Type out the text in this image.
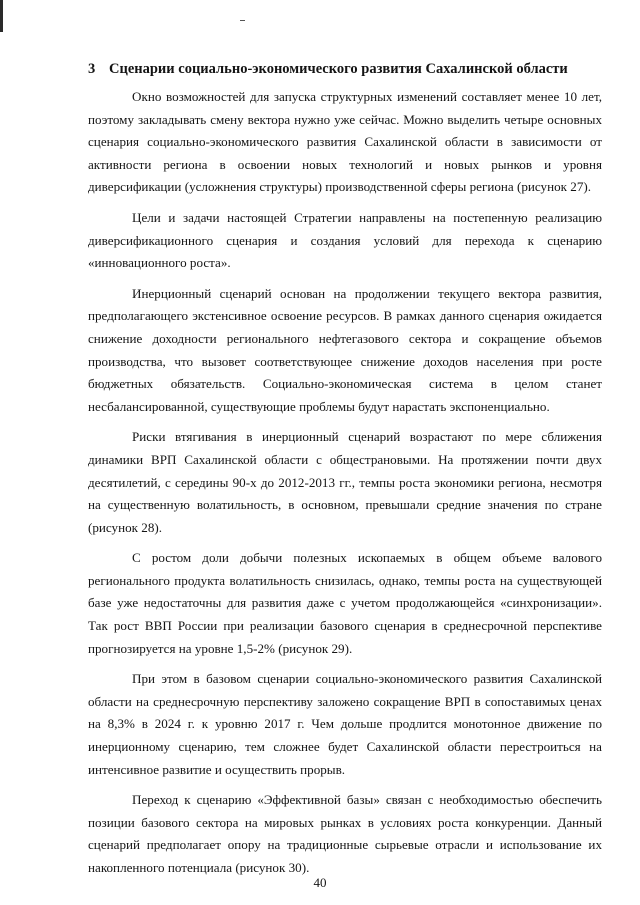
3 Сценарии социально-экономического развития Сахалинской области

Окно возможностей для запуска структурных изменений составляет менее 10 лет, поэтому закладывать смену вектора нужно уже сейчас. Можно выделить четыре основных сценария социально-экономического развития Сахалинской области в зависимости от активности региона в освоении новых технологий и новых рынков и уровня диверсификации (усложнения структуры) производственной сферы региона (рисунок 27).

Цели и задачи настоящей Стратегии направлены на постепенную реализацию диверсификационного сценария и создания условий для перехода к сценарию «инновационного роста».

Инерционный сценарий основан на продолжении текущего вектора развития, предполагающего экстенсивное освоение ресурсов. В рамках данного сценария ожидается снижение доходности регионального нефтегазового сектора и сокращение объемов производства, что вызовет соответствующее снижение доходов населения при росте бюджетных обязательств. Социально-экономическая система в целом станет несбалансированной, существующие проблемы будут нарастать экспоненциально.

Риски втягивания в инерционный сценарий возрастают по мере сближения динамики ВРП Сахалинской области с общестрановыми. На протяжении почти двух десятилетий, с середины 90-х до 2012-2013 гг., темпы роста экономики региона, несмотря на существенную волатильность, в основном, превышали средние значения по стране (рисунок 28).

С ростом доли добычи полезных ископаемых в общем объеме валового регионального продукта волатильность снизилась, однако, темпы роста на существующей базе уже недостаточны для развития даже с учетом продолжающейся «синхронизации». Так рост ВВП России при реализации базового сценария в среднесрочной перспективе прогнозируется на уровне 1,5-2% (рисунок 29).

При этом в базовом сценарии социально-экономического развития Сахалинской области на среднесрочную перспективу заложено сокращение ВРП в сопоставимых ценах на 8,3% в 2024 г. к уровню 2017 г. Чем дольше продлится монотонное движение по инерционному сценарию, тем сложнее будет Сахалинской области перестроиться на интенсивное развитие и осуществить прорыв.

Переход к сценарию «Эффективной базы» связан с необходимостью обеспечить позиции базового сектора на мировых рынках в условиях роста конкуренции. Данный сценарий предполагает опору на традиционные сырьевые отрасли и использование их накопленного потенциала (рисунок 30).

40
